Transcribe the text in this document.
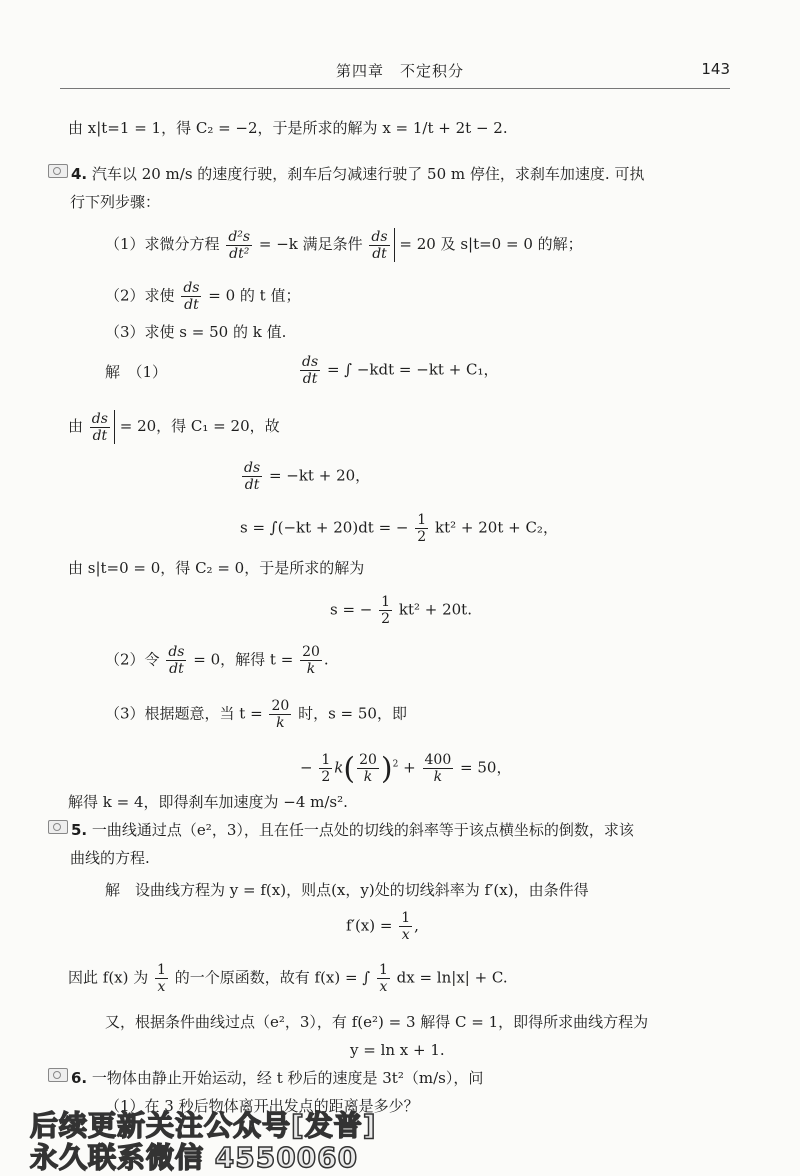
第四章　不定积分	143
由 x|t=1 = 1，得 C₂ = −2，于是所求的解为 x = 1/t + 2t − 2.
4. 汽车以 20 m/s 的速度行驶，刹车后匀减速行驶了 50 m 停住，求刹车加速度. 可执
行下列步骤：
（1）求微分方程 $\frac{\text{d²s}}{\text{dt²}} = -k$ 满足条件 $\frac{ds}{dt} = 20$ 及 s|t=0 = 0 的解；
（2）求使 $\frac{ds}{dt} = 0$ 的 t 值；
（3）求使 s = 50 的 k 值.
解　（1）	$\frac{ds}{dt}$ = ∫ −kdt = −kt + C₁，
由 $\frac{ds}{dt} = 20$，得 C₁ = 20，故
$\frac{ds}{dt} = -kt + 20$，
s = ∫(−kt + 20)dt = − $\frac{1}{2} kt^2 + 20t + C_2$，
由 s|t=0 = 0，得 C₂ = 0，于是所求的解为
s = − $\frac{1}{2} kt^2 + 20t$.
（2）令 $\frac{ds}{dt} = 0$，解得 $t = \frac{20}{k}$ .
（3）根据题意，当 $t = \frac{20}{k}$ 时，s = 50，即
− $\frac{1}{2} k( \frac{20}{k} )^2 + \frac{400}{k} = 50$，
解得 k = 4，即得刹车加速度为 −4 m/s².
5. 一曲线通过点（e²，3），且在任一点处的切线的斜率等于该点横坐标的倒数，求该
曲线的方程.
解　设曲线方程为 y = f(x)，则点(x，y)处的切线斜率为 f′(x)，由条件得
$f'(x) = \frac{1}{x}$ ,
因此 f(x) 为 $\frac{1}{x}$ 的一个原函数，故有 f(x) = ∫ $\frac{1}{x}$ dx = ln|x| + C.
又，根据条件曲线过点（e²，3），有 f(e²) = 3 解得 C = 1，即得所求曲线方程为
y = ln x + 1.
6. 一物体由静止开始运动，经 t 秒后的速度是 3t²（m/s），问
（1）在 3 秒后物体离开出发点的距离是多少？
后续更新关注公众号[发普]
永久联系微信 4550060
